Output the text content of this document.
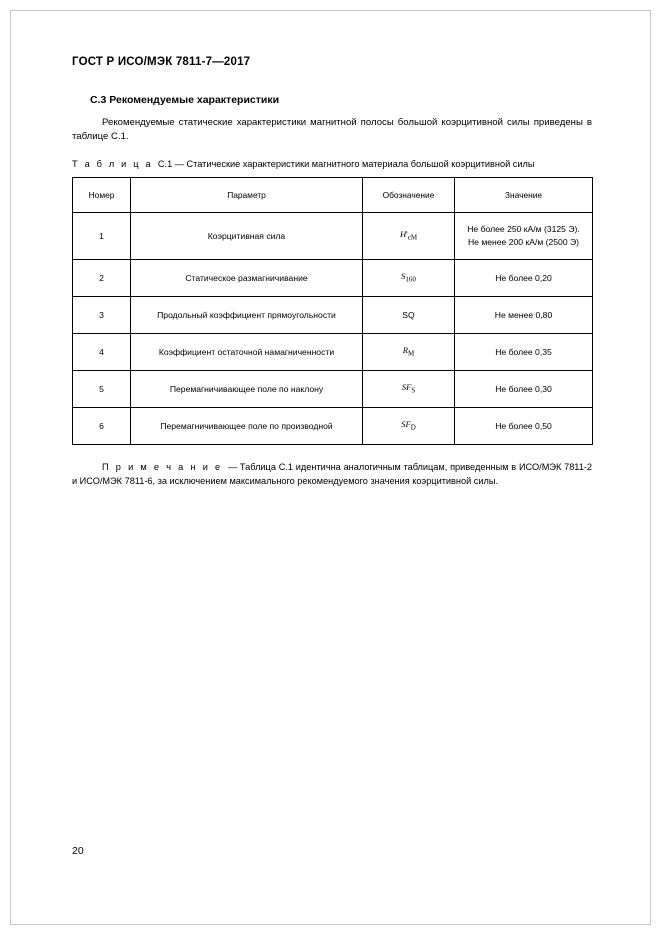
ГОСТ Р ИСО/МЭК 7811-7—2017
С.3 Рекомендуемые характеристики
Рекомендуемые статические характеристики магнитной полосы большой коэрцитивной силы приведены в таблице С.1.
Т а б л и ц а С.1 — Статические характеристики магнитного материала большой коэрцитивной силы
Номер	Параметр	Обозначение	Значение
1	Коэрцитивная сила	$H'_{cM}$	Не более 250 кА/м (3125 Э).
Не менее 200 кА/м (2500 Э)
2	Статическое размагничивание	$S_{160}$	Не более 0,20
3	Продольный коэффициент прямоугольности	SQ	Не менее 0,80
4	Коэффициент остаточной намагниченности	$R_M$	Не более 0,35
5	Перемагничивающее поле по наклону	$SF_S$	Не более 0,30
6	Перемагничивающее поле по производной	$SF_D$	Не более 0,50
П р и м е ч а н и е — Таблица С.1 идентична аналогичным таблицам, приведенным в ИСО/МЭК 7811-2 и ИСО/МЭК 7811-6, за исключением максимального рекомендуемого значения коэрцитивной силы.
20
